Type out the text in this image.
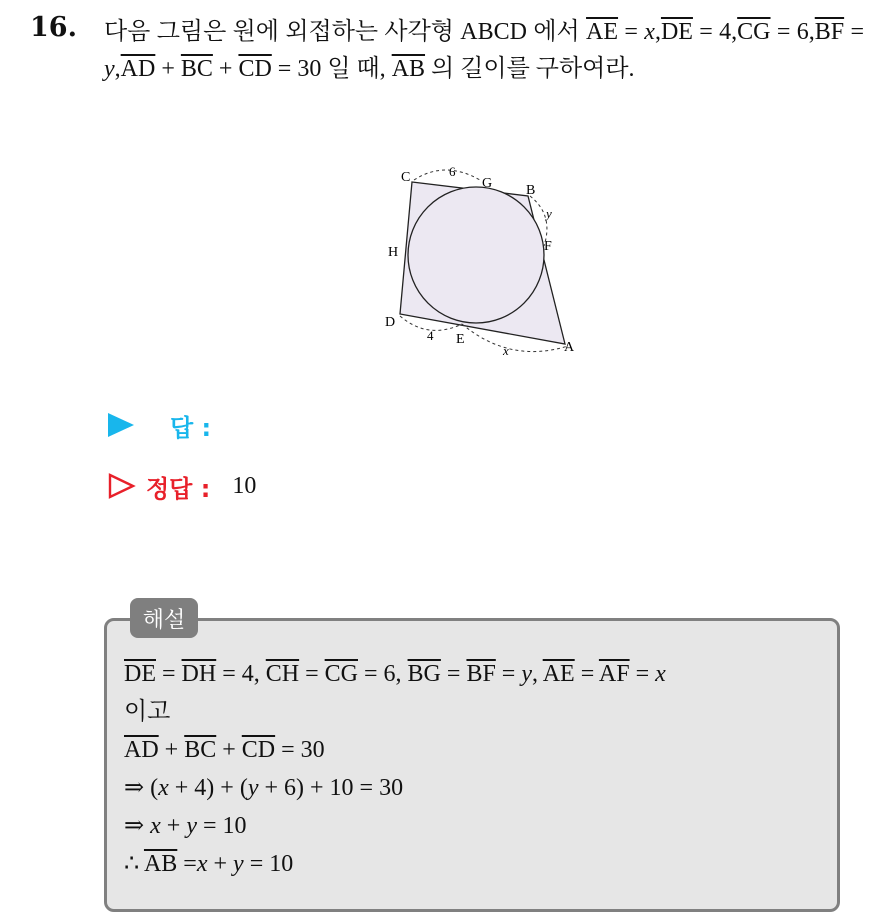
16. 다음 그림은 원에 외접하는 사각형 ABCD 에서 $\overline{AE} = x,\overline{DE} = 4,\overline{CG} = 6,\overline{BF} = y,\overline{AD} + \overline{BC} + \overline{CD} = 30$ 일 때, $\overline{AB}$ 의 길이를 구하여라.
C
B
G
H	F
D
E
A
6
y
4
x
답 :
정답 : 10
해설
$\overline{DE} = \overline{DH} = 4$, $\overline{CH} = \overline{CG} = 6$, $\overline{BG} = \overline{BF} = y$, $\overline{AE} = \overline{AF} = x$
이고
$\overline{AD} + \overline{BC} + \overline{CD} = 30$
⇒ (x + 4) + (y + 6) + 10 = 30
⇒ x + y = 10
∴ $\overline{AB} =x + y = 10$
